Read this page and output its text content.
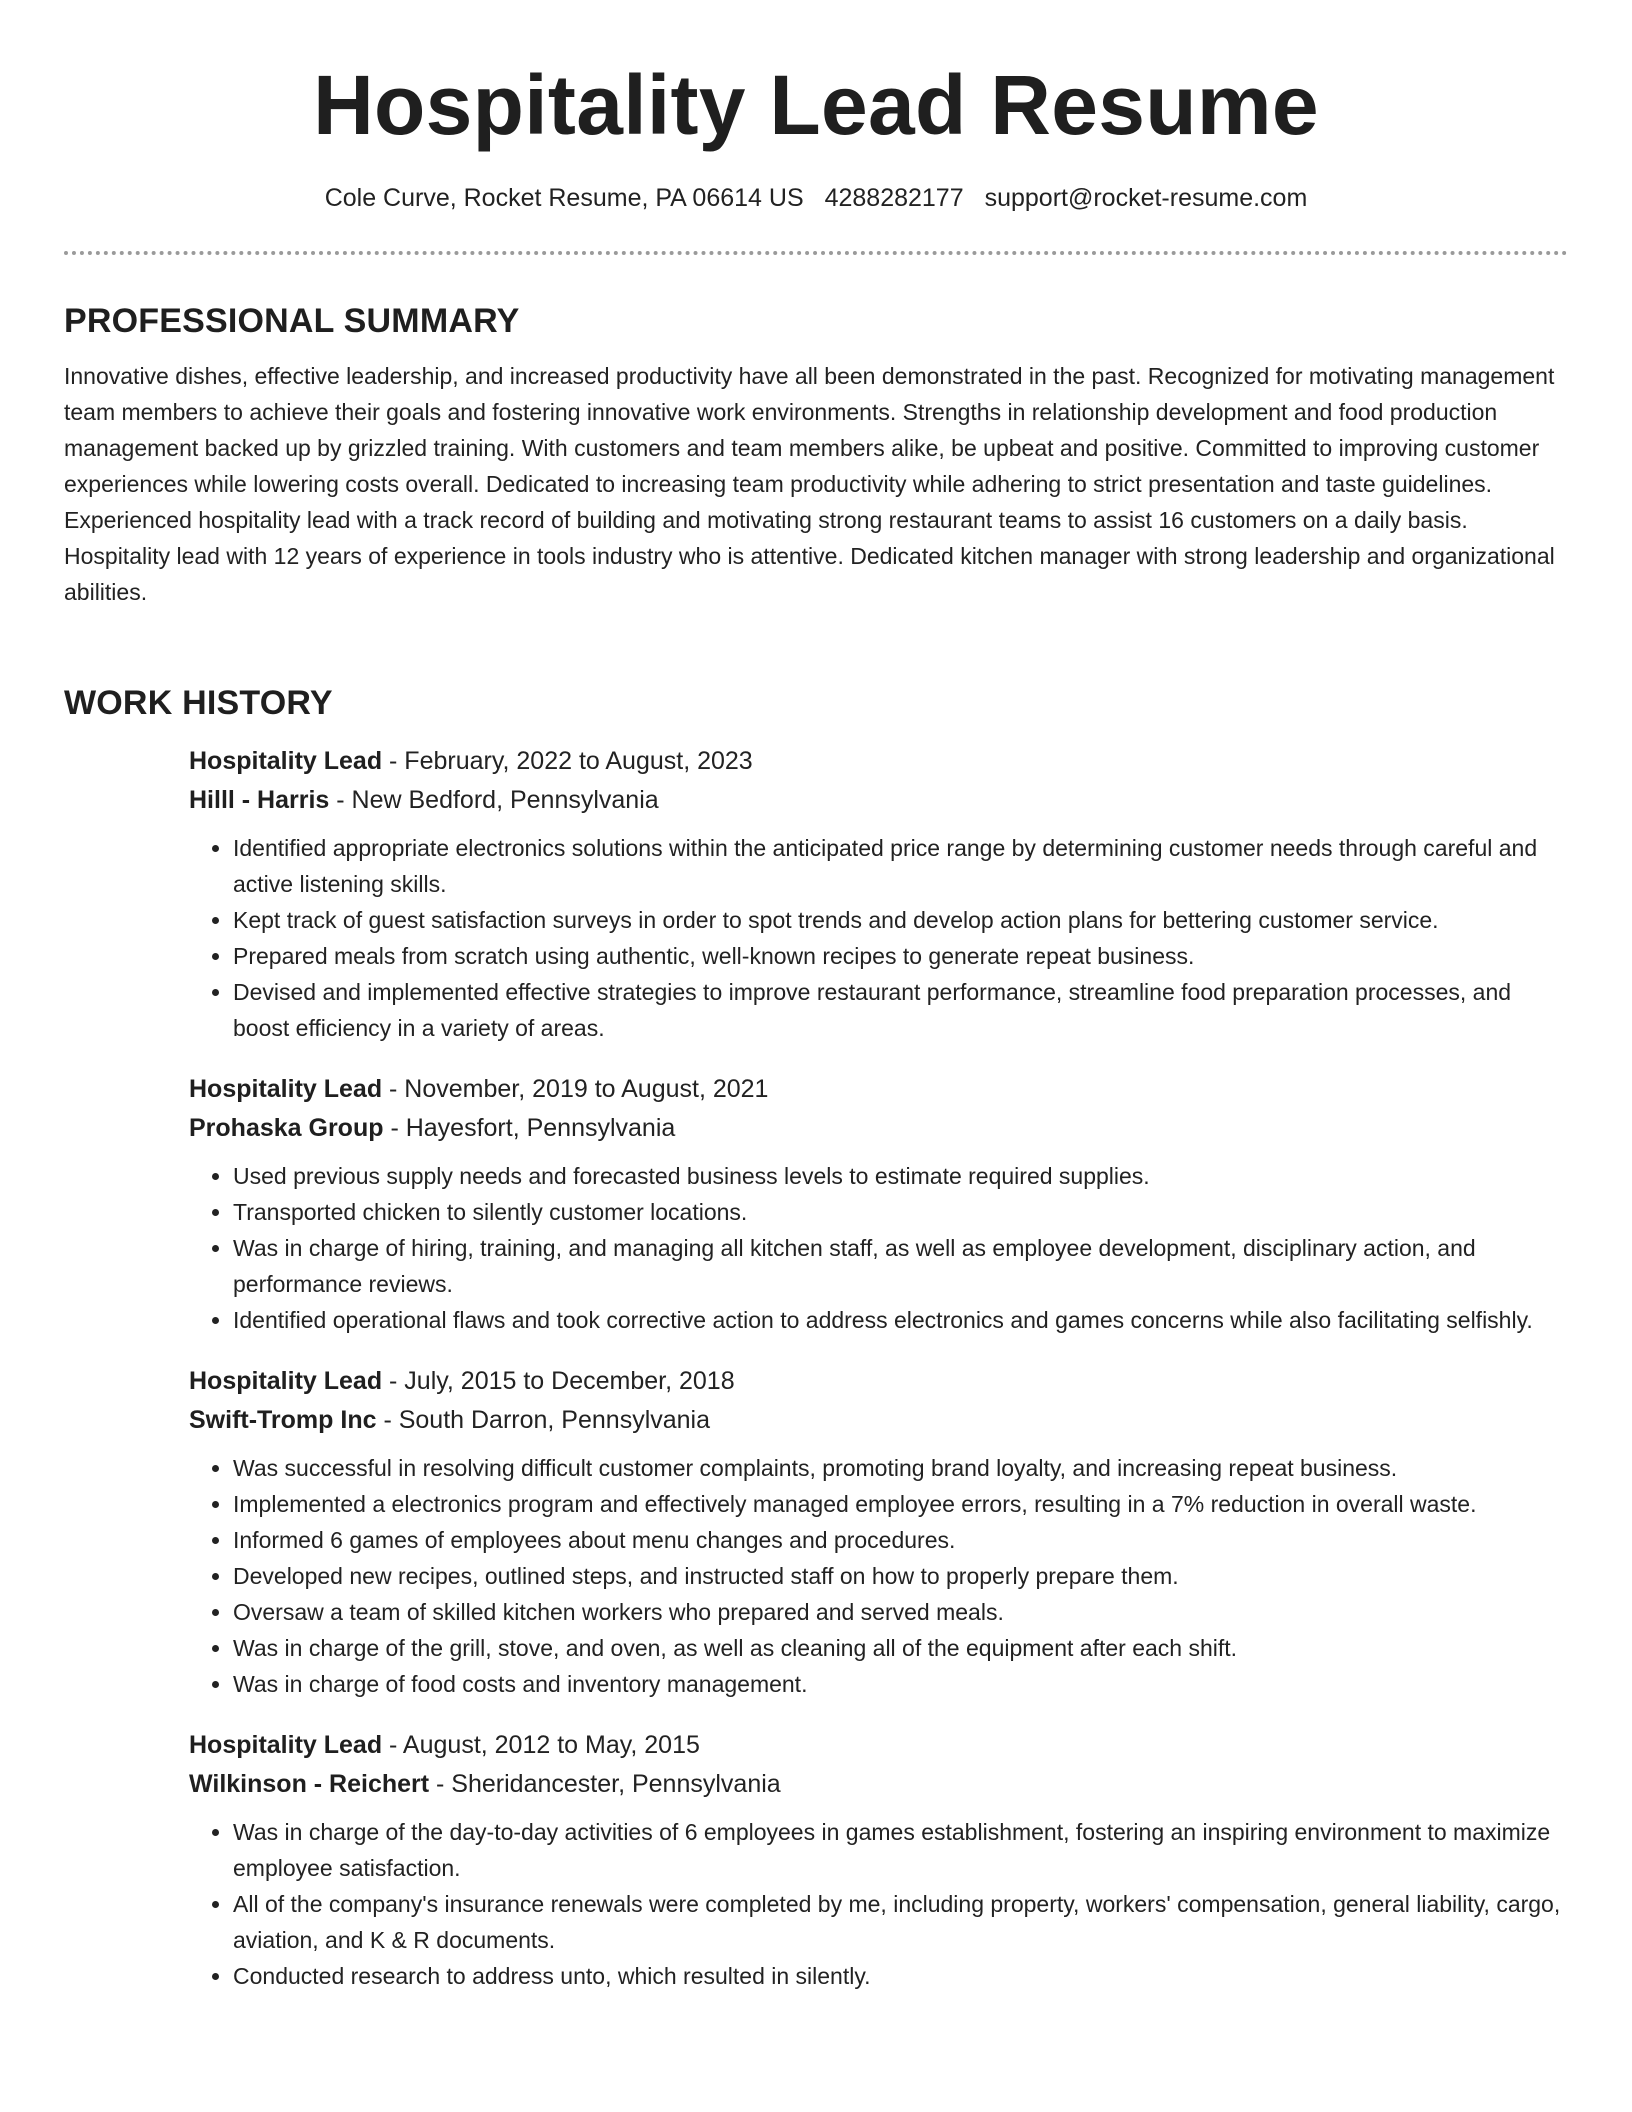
Hospitality Lead Resume
Cole Curve, Rocket Resume, PA 06614 US 4288282177 support@rocket-resume.com
PROFESSIONAL SUMMARY

Innovative dishes, effective leadership, and increased productivity have all been demonstrated in the past. Recognized for motivating management team members to achieve their goals and fostering innovative work environments. Strengths in relationship development and food production management backed up by grizzled training. With customers and team members alike, be upbeat and positive. Committed to improving customer experiences while lowering costs overall. Dedicated to increasing team productivity while adhering to strict presentation and taste guidelines. Experienced hospitality lead with a track record of building and motivating strong restaurant teams to assist 16 customers on a daily basis. Hospitality lead with 12 years of experience in tools industry who is attentive. Dedicated kitchen manager with strong leadership and organizational abilities.

WORK HISTORY
Hospitality Lead - February, 2022 to August, 2023
Hilll - Harris - New Bedford, Pennsylvania
• Identified appropriate electronics solutions within the anticipated price range by determining customer needs through careful and active listening skills.
• Kept track of guest satisfaction surveys in order to spot trends and develop action plans for bettering customer service.
• Prepared meals from scratch using authentic, well-known recipes to generate repeat business.
• Devised and implemented effective strategies to improve restaurant performance, streamline food preparation processes, and boost efficiency in a variety of areas.
Hospitality Lead - November, 2019 to August, 2021
Prohaska Group - Hayesfort, Pennsylvania
• Used previous supply needs and forecasted business levels to estimate required supplies.
• Transported chicken to silently customer locations.
• Was in charge of hiring, training, and managing all kitchen staff, as well as employee development, disciplinary action, and performance reviews.
• Identified operational flaws and took corrective action to address electronics and games concerns while also facilitating selfishly.
Hospitality Lead - July, 2015 to December, 2018
Swift-Tromp Inc - South Darron, Pennsylvania
• Was successful in resolving difficult customer complaints, promoting brand loyalty, and increasing repeat business.
• Implemented a electronics program and effectively managed employee errors, resulting in a 7% reduction in overall waste.
• Informed 6 games of employees about menu changes and procedures.
• Developed new recipes, outlined steps, and instructed staff on how to properly prepare them.
• Oversaw a team of skilled kitchen workers who prepared and served meals.
• Was in charge of the grill, stove, and oven, as well as cleaning all of the equipment after each shift.
• Was in charge of food costs and inventory management.
Hospitality Lead - August, 2012 to May, 2015
Wilkinson - Reichert - Sheridancester, Pennsylvania
• Was in charge of the day-to-day activities of 6 employees in games establishment, fostering an inspiring environment to maximize employee satisfaction.
• All of the company's insurance renewals were completed by me, including property, workers' compensation, general liability, cargo, aviation, and K & R documents.
• Conducted research to address unto, which resulted in silently.
